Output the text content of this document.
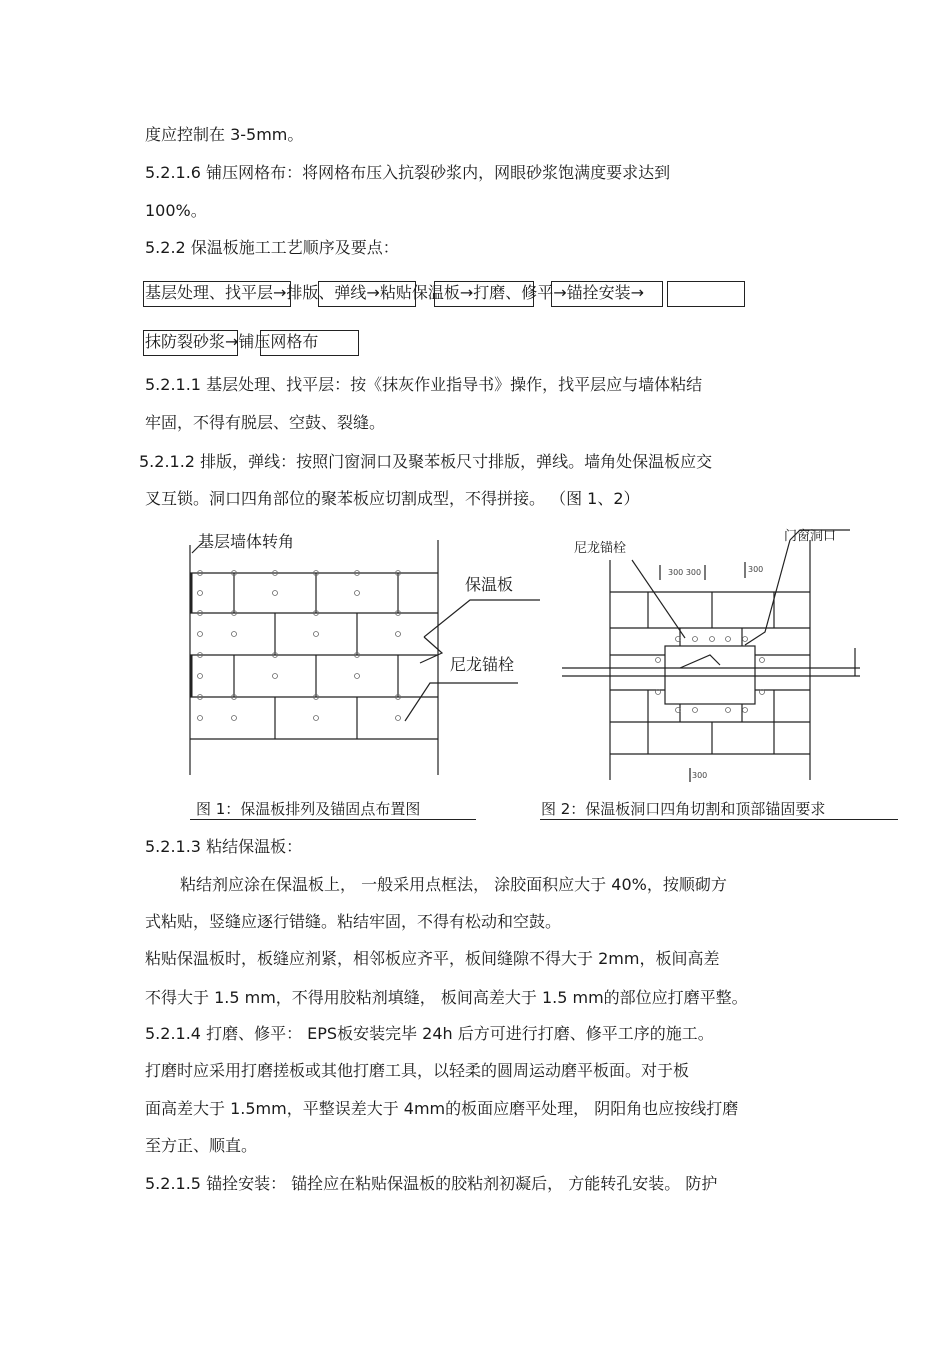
度应控制在 3-5mm。
5.2.1.6 铺压网格布：将网格布压入抗裂砂浆内，网眼砂浆饱满度要求达到
100%。
5.2.2 保温板施工工艺顺序及要点：
基层处理、找平层→排版、弹线→粘贴保温板→打磨、修平→锚拴安装→
抹防裂砂浆→铺压网格布
5.2.1.1 基层处理、找平层：按《抹灰作业指导书》操作，找平层应与墙体粘结
牢固，不得有脱层、空鼓、裂缝。
5.2.1.2 排版，弹线：按照门窗洞口及聚苯板尺寸排版，弹线。墙角处保温板应交
叉互锁。洞口四角部位的聚苯板应切割成型，不得拼接。 （图 1、2）
基层墙体转角
保温板
尼龙锚栓
尼龙锚栓
门窗洞口
300 300	300
300
图 1：保温板排列及锚固点布置图	图 2：保温板洞口四角切割和顶部锚固要求
5.2.1.3 粘结保温板：
粘结剂应涂在保温板上， 一般采用点框法， 涂胶面积应大于 40%，按顺砌方
式粘贴，竖缝应逐行错缝。粘结牢固，不得有松动和空鼓。
粘贴保温板时，板缝应剂紧，相邻板应齐平，板间缝隙不得大于 2mm，板间高差
不得大于 1.5 mm，不得用胶粘剂填缝， 板间高差大于 1.5 mm的部位应打磨平整。
5.2.1.4 打磨、修平： EPS板安装完毕 24h 后方可进行打磨、修平工序的施工。
打磨时应采用打磨搓板或其他打磨工具，以轻柔的圆周运动磨平板面。对于板
面高差大于 1.5mm，平整误差大于 4mm的板面应磨平处理， 阴阳角也应按线打磨
至方正、顺直。
5.2.1.5 锚拴安装： 锚拴应在粘贴保温板的胶粘剂初凝后， 方能转孔安装。 防护
